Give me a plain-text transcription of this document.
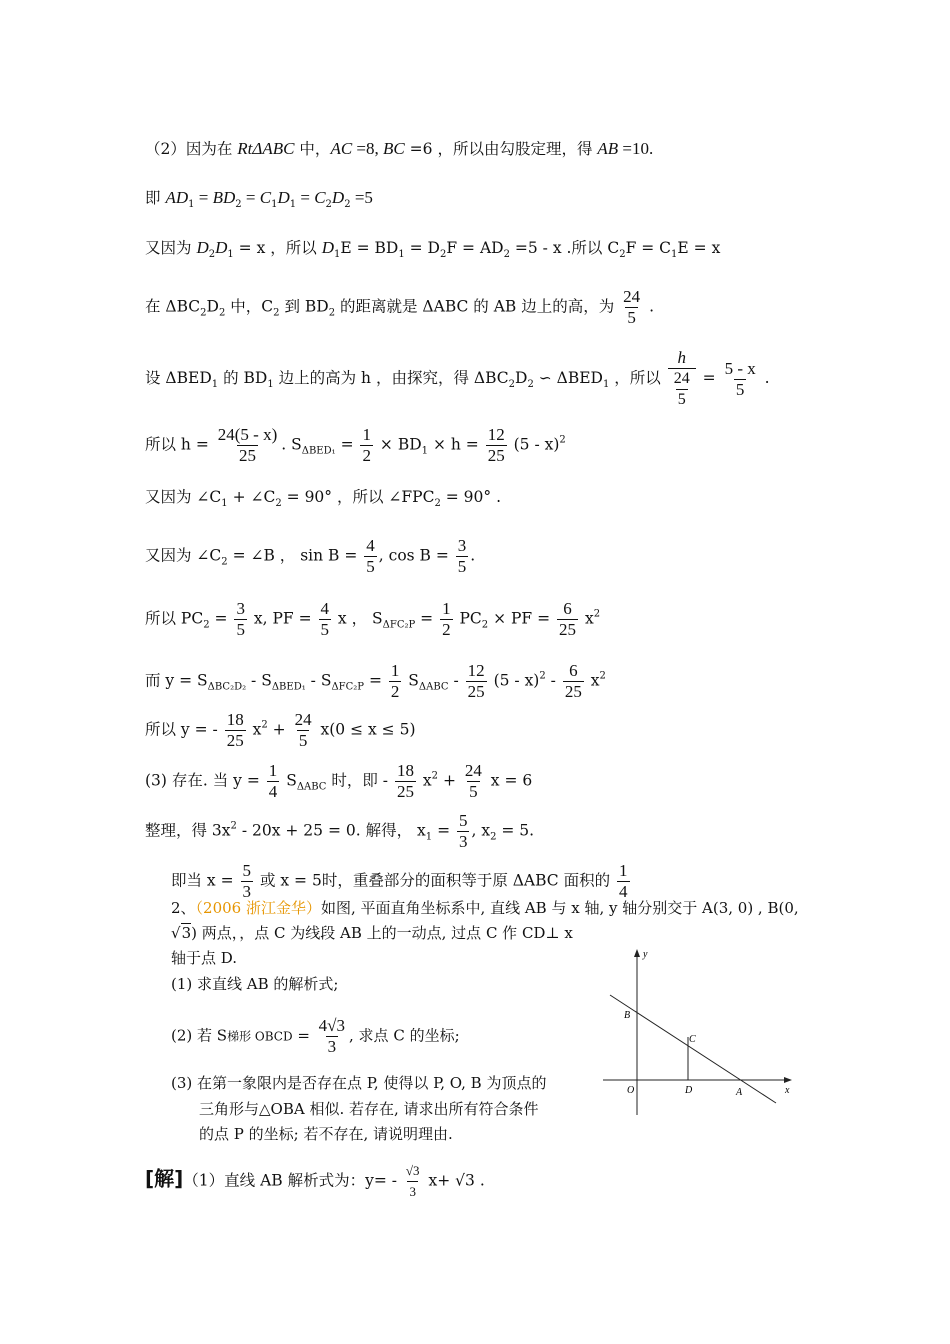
（2）因为在 RtΔABC 中，AC =8, BC =6 ，所以由勾股定理，得 AB =10.
即 $AD_1 = BD_2 = C_1D_1 = C_2D_2 =5$
又因为 $D_2D_1 = x$ ，所以 $D_1E = BD_1 = D_2F = AD_2 =5 - x$ .所以 $C_2F = C_1E = x$
在 $\Delta BC_2D_2$ 中，$C_2$ 到 $BD_2$ 的距离就是 ΔABC 的 AB 边上的高，为 $\frac{24}{5}$ .
设 $\Delta BED_1$ 的 $BD_1$ 边上的高为 h ，由探究，得 $\Delta BC_2D_2$ ∽ $\Delta BED_1$ ，所以 $\frac{h}{\frac{24}{5}} = \frac{5 - x}{5}$ .
所以 $h = \frac{24(5 - x)}{25}$ . $S_{\Delta BED_1} = \frac{1}{2} \times BD_1 \times h = \frac{12}{25} (5 - x)^2$
又因为 $\angle C_1$ + $\angle C_2 = 90^\circ$ ，所以 $\angle FPC_2 = 90^\circ$ .
又因为 $\angle C_2$ = ∠B ， $\sin B = \frac{4}{5}$ , $\cos B = \frac{3}{5}$ .
所以 $PC_2 = \frac{3}{5} x$, PF = $\frac{4}{5}$ x ， $S_{\Delta FC_2P} = \frac{1}{2} PC_2$ × PF = $\frac{6}{25} x^2$
而 $y = S_{\Delta BC_2D_2} - S_{\Delta BED_1} - S_{\Delta FC_2P} = \frac{1}{2} S_{\Delta ABC} - \frac{12}{25} (5 - x)^2 - \frac{6}{25} x^2$
所以 y = - $\frac{18}{25} x^2 + \frac{24}{5} x(0 \le x \le 5)$
(3) 存在. 当 $y = \frac{1}{4} S_{\Delta ABC}$ 时，即 - $\frac{18}{25} x^2 + \frac{24}{5}$ x = 6
整理，得 $3x^2 - 20x + 25 = 0$. 解得， $x_1 = \frac{5}{3}$ , $x_2 = 5$.
即当 $x = \frac{5}{3}$ 或 x = 5时，重叠部分的面积等于原 ΔABC 面积的 $\frac{1}{4}$
2、（2006 浙江金华）如图, 平面直角坐标系中, 直线 AB 与 x 轴, y 轴分别交于 A(3, 0) , B(0,
√3) 两点，，点 C 为线段 AB 上的一动点, 过点 C 作 CD⊥ x
轴于点 D.
(1) 求直线 AB 的解析式;
(2) 若 S梯形 OBCD = $\frac{4√3}{3}$ , 求点 C 的坐标;
(3) 在第一象限内是否存在点 P, 使得以 P, O, B 为顶点的
三角形与△OBA 相似. 若存在, 请求出所有符合条件
的点 P 的坐标; 若不存在, 请说明理由.
[解]（1）直线 AB 解析式为：$y= - \frac{√3}{3} x+ √3$ .
y
x
B
C
O	D	A
